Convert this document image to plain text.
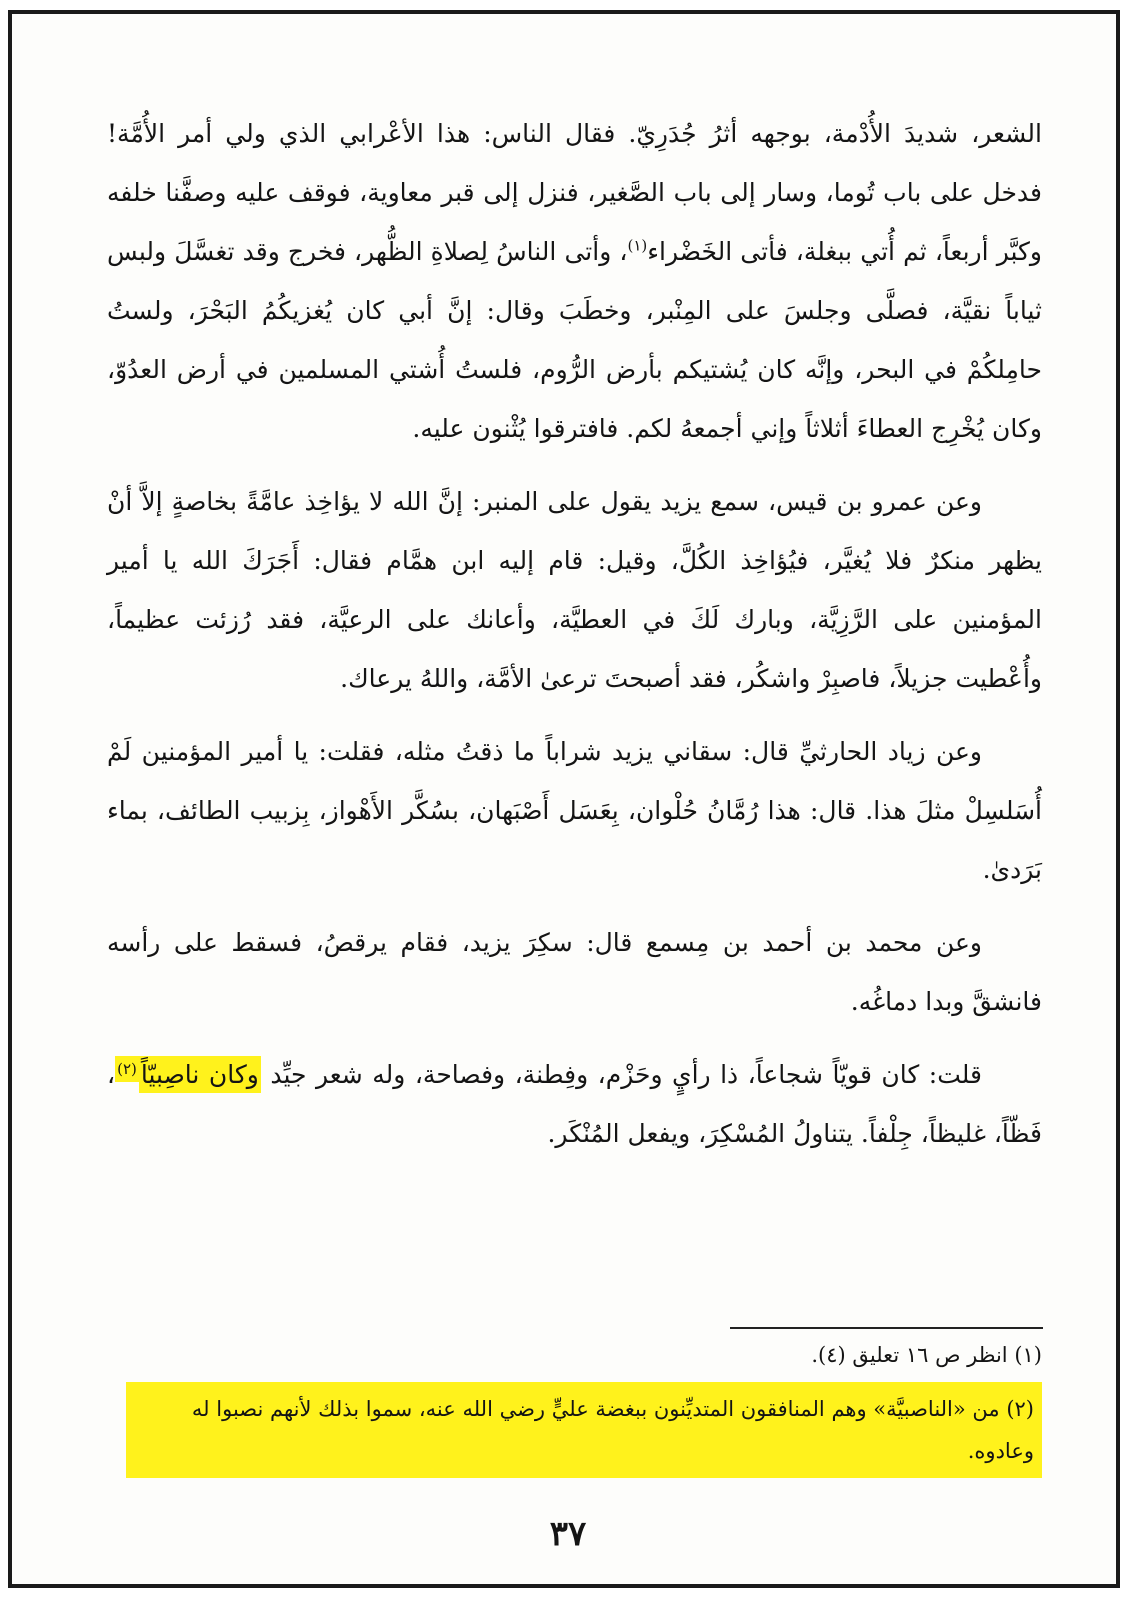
الشعر، شديدَ الأُدْمة، بوجهه أثرُ جُدَرِيّ. فقال الناس: هذا الأعْرابي الذي ولي أمر الأُمَّة! فدخل على باب تُوما، وسار إلى باب الصَّغير، فنزل إلى قبر معاوية، فوقف عليه وصفَّنا خلفه وكبَّر أربعاً، ثم أُتي ببغلة، فأتى الخَضْراء$^{(١)}$، وأتى الناسُ لِصلاةِ الظُّهر، فخرج وقد تغسَّلَ ولبس ثياباً نقيَّة، فصلَّى وجلسَ على المِنْبر، وخطَبَ وقال: إنَّ أبي كان يُغزيكُمُ البَحْرَ، ولستُ حامِلكُمْ في البحر، وإنَّه كان يُشتيكم بأرض الرُّوم، فلستُ أُشتي المسلمين في أرض العدُوّ، وكان يُخْرِج العطاءَ أثلاثاً وإني أجمعهُ لكم. فافترقوا يُثْنون عليه.

وعن عمرو بن قيس، سمع يزيد يقول على المنبر: إنَّ الله لا يؤاخِذ عامَّةً بخاصةٍ إلاَّ أنْ يظهر منكرٌ فلا يُغيَّر، فيُؤاخِذ الكُلَّ، وقيل: قام إليه ابن همَّام فقال: أَجَرَكَ الله يا أمير المؤمنين على الرَّزِيَّة، وبارك لَكَ في العطيَّة، وأعانك على الرعيَّة، فقد رُزئت عظيماً، وأُعْطيت جزيلاً، فاصبِرْ واشكُر، فقد أصبحتَ ترعىٰ الأمَّة، واللهُ يرعاك.

وعن زياد الحارثيِّ قال: سقاني يزيد شراباً ما ذقتُ مثله، فقلت: يا أمير المؤمنين لَمْ أُسَلسِلْ مثلَ هذا. قال: هذا رُمَّانُ حُلْوان، بِعَسَل أَصْبَهان، بسُكَّر الأَهْواز، بِزبيب الطائف، بماء بَرَدىٰ.

وعن محمد بن أحمد بن مِسمع قال: سكِرَ يزيد، فقام يرقصُ، فسقط على رأسه فانشقَّ وبدا دماغُه.

قلت: كان قويّاً شجاعاً، ذا رأيٍ وحَزْم، وفِطنة، وفصاحة، وله شعر جيِّد وكان ناصِبيّاً$^{(٢)}$، فَظّاً، غليظاً، جِلْفاً. يتناولُ المُسْكِرَ، ويفعل المُنْكَر.

(١) انظر ص ١٦ تعليق (٤).

(٢) من «الناصبيَّة» وهم المنافقون المتديِّنون ببغضة عليٍّ رضي الله عنه، سموا بذلك لأنهم نصبوا له وعادوه.

٣٧
